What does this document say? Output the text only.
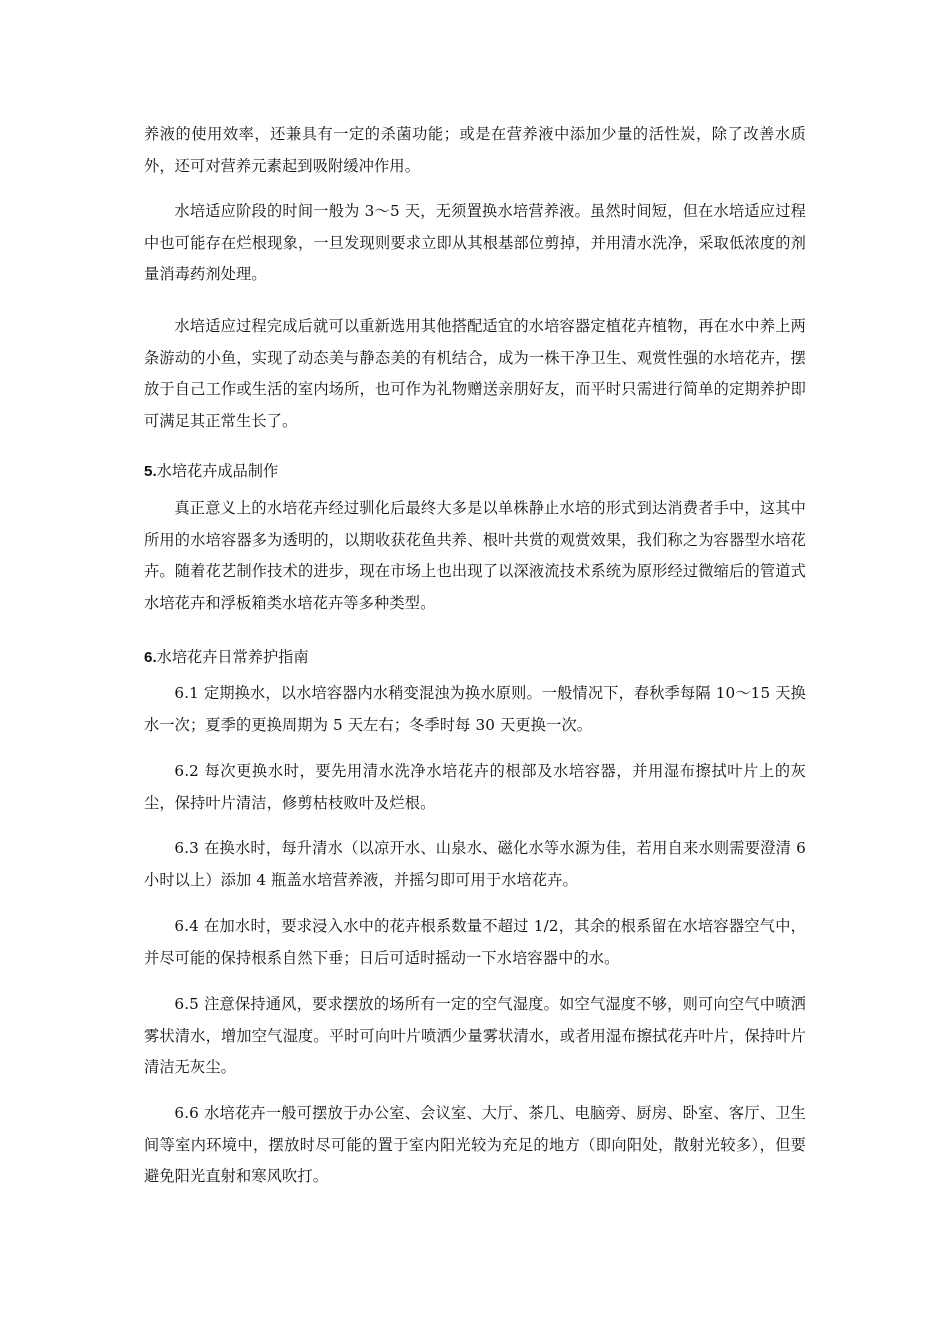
养液的使用效率，还兼具有一定的杀菌功能；或是在营养液中添加少量的活性炭，除了改善水质外，还可对营养元素起到吸附缓冲作用。

水培适应阶段的时间一般为 3～5 天，无须置换水培营养液。虽然时间短，但在水培适应过程中也可能存在烂根现象，一旦发现则要求立即从其根基部位剪掉，并用清水洗净，采取低浓度的剂量消毒药剂处理。

水培适应过程完成后就可以重新选用其他搭配适宜的水培容器定植花卉植物，再在水中养上两条游动的小鱼，实现了动态美与静态美的有机结合，成为一株干净卫生、观赏性强的水培花卉，摆放于自己工作或生活的室内场所，也可作为礼物赠送亲朋好友，而平时只需进行简单的定期养护即可满足其正常生长了。

5.水培花卉成品制作

真正意义上的水培花卉经过驯化后最终大多是以单株静止水培的形式到达消费者手中，这其中所用的水培容器多为透明的，以期收获花鱼共养、根叶共赏的观赏效果，我们称之为容器型水培花卉。随着花艺制作技术的进步，现在市场上也出现了以深液流技术系统为原形经过微缩后的管道式水培花卉和浮板箱类水培花卉等多种类型。

6.水培花卉日常养护指南

6.1 定期换水，以水培容器内水稍变混浊为换水原则。一般情况下，春秋季每隔 10～15 天换水一次；夏季的更换周期为 5 天左右；冬季时每 30 天更换一次。

6.2 每次更换水时，要先用清水洗净水培花卉的根部及水培容器，并用湿布擦拭叶片上的灰尘，保持叶片清洁，修剪枯枝败叶及烂根。

6.3 在换水时，每升清水（以凉开水、山泉水、磁化水等水源为佳，若用自来水则需要澄清 6 小时以上）添加 4 瓶盖水培营养液，并摇匀即可用于水培花卉。

6.4 在加水时，要求浸入水中的花卉根系数量不超过 1/2，其余的根系留在水培容器空气中，并尽可能的保持根系自然下垂；日后可适时摇动一下水培容器中的水。

6.5 注意保持通风，要求摆放的场所有一定的空气湿度。如空气湿度不够，则可向空气中喷洒雾状清水，增加空气湿度。平时可向叶片喷洒少量雾状清水，或者用湿布擦拭花卉叶片，保持叶片清洁无灰尘。

6.6 水培花卉一般可摆放于办公室、会议室、大厅、茶几、电脑旁、厨房、卧室、客厅、卫生间等室内环境中，摆放时尽可能的置于室内阳光较为充足的地方（即向阳处，散射光较多），但要避免阳光直射和寒风吹打。
